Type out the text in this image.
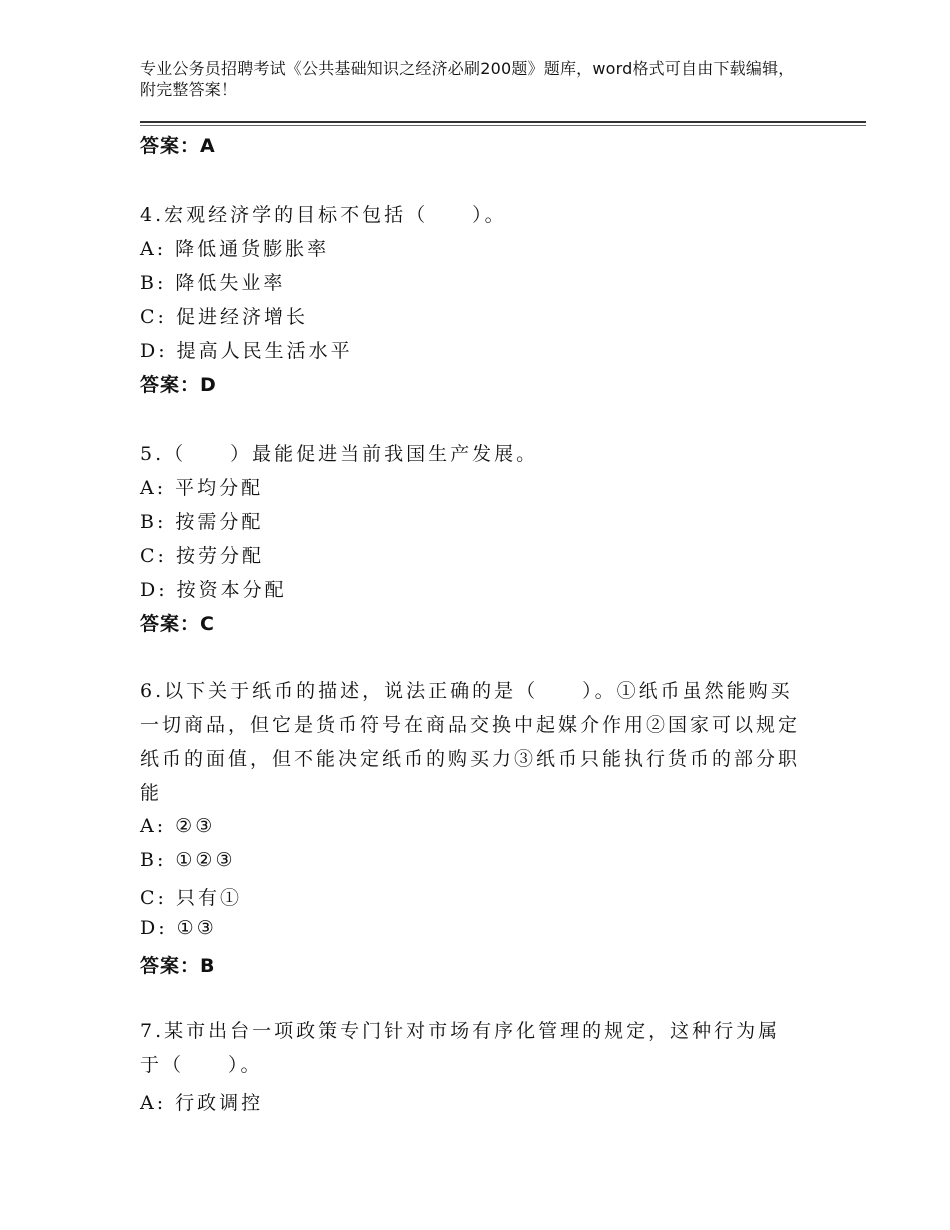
专业公务员招聘考试《公共基础知识之经济必刷200题》题库，word格式可自由下载编辑，附完整答案！
答案：A
4.宏观经济学的目标不包括（　　）。
A: 降低通货膨胀率
B: 降低失业率
C: 促进经济增长
D: 提高人民生活水平
答案：D
5.（　　）最能促进当前我国生产发展。
A: 平均分配
B: 按需分配
C: 按劳分配
D: 按资本分配
答案：C
6.以下关于纸币的描述，说法正确的是（　　）。①纸币虽然能购买一切商品，但它是货币符号在商品交换中起媒介作用②国家可以规定纸币的面值，但不能决定纸币的购买力③纸币只能执行货币的部分职能
A: ②③
B: ①②③
C: 只有①
D: ①③
答案：B
7.某市出台一项政策专门针对市场有序化管理的规定，这种行为属于（　　）。
A: 行政调控
